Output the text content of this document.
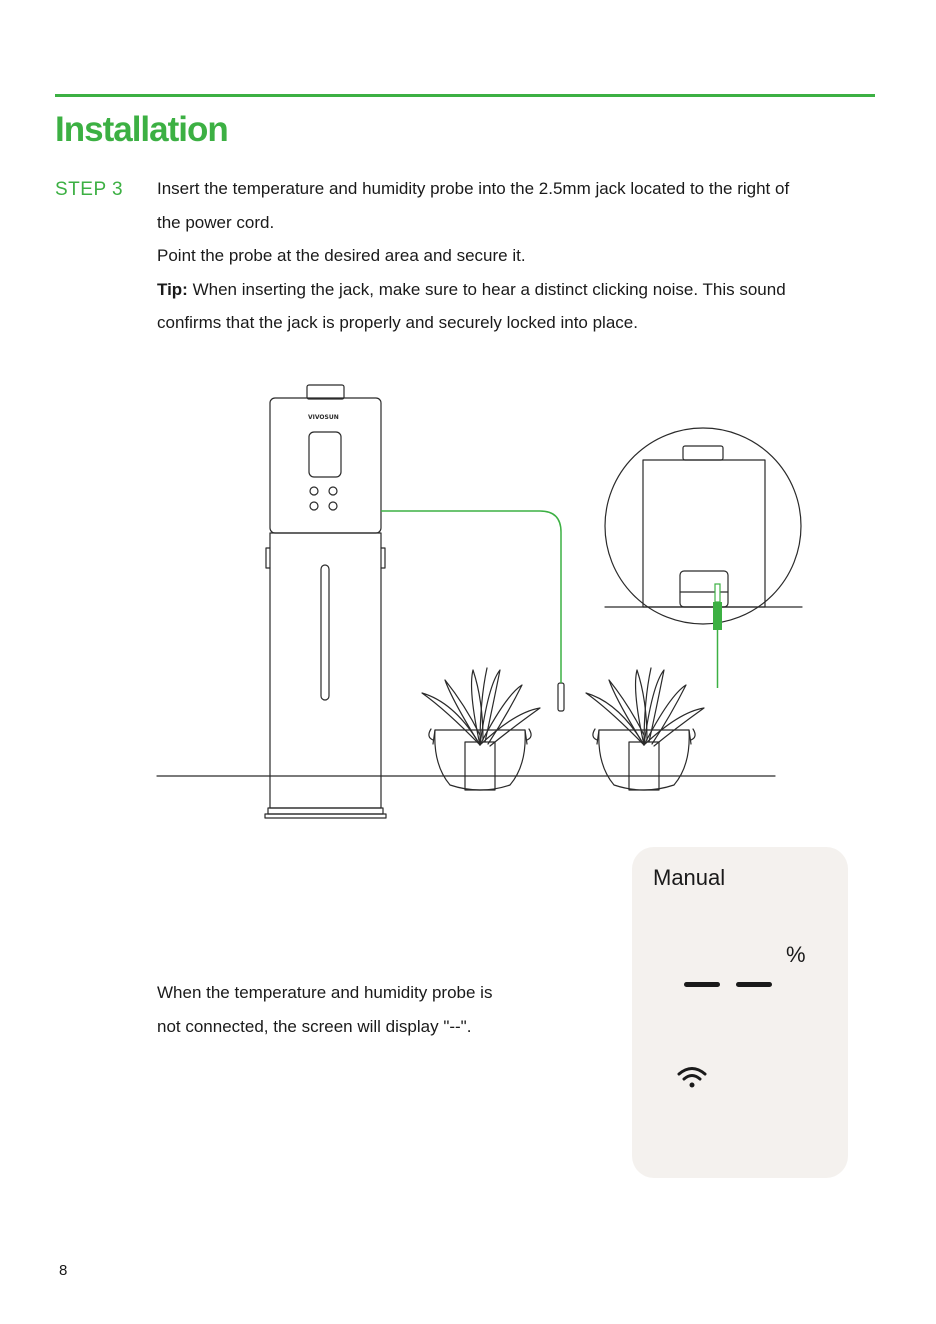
Installation
STEP 3 Insert the temperature and humidity probe into the 2.5mm jack located to the right of

the power cord.

Point the probe at the desired area and secure it.

Tip: When inserting the jack, make sure to hear a distinct clicking noise. This sound

confirms that the jack is properly and securely locked into place.

VIVOSUN

When the temperature and humidity probe is

not connected, the screen will display "--".

Manual
%
8
